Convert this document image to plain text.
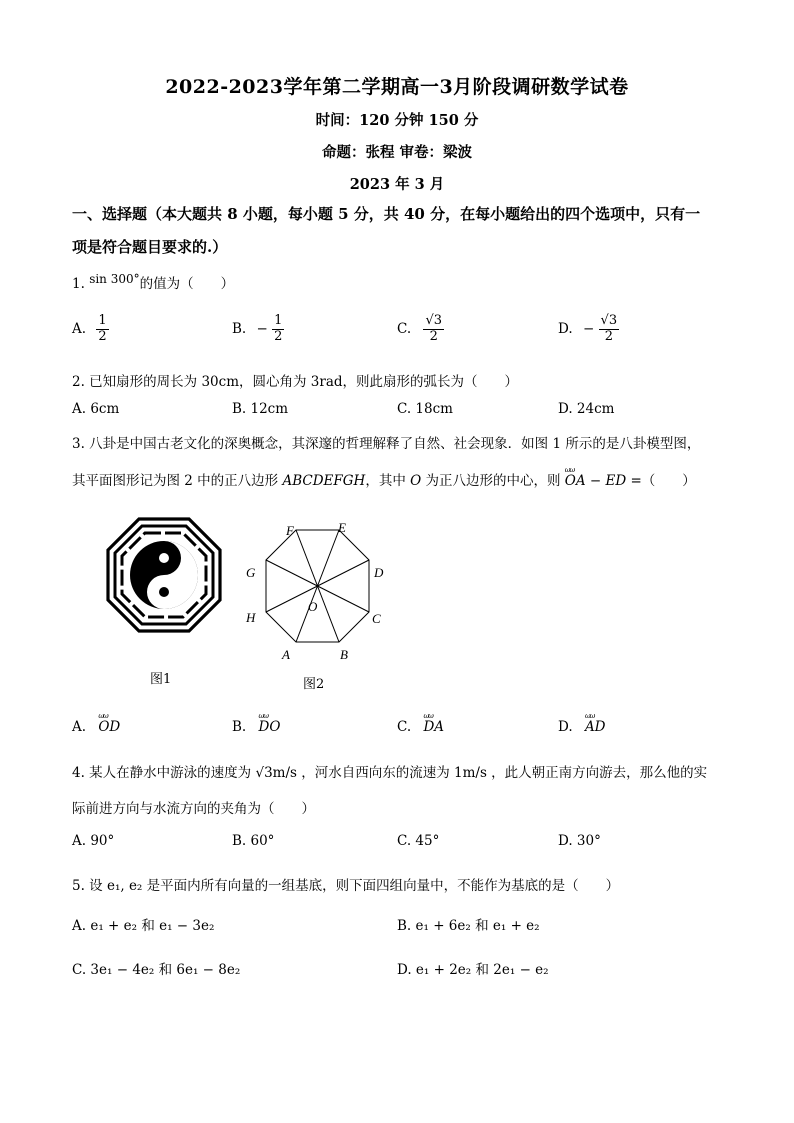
2022-2023学年第二学期高一3月阶段调研数学试卷
时间：120 分钟 150 分
命题：张程 审卷：梁波
2023 年 3 月
一、选择题（本大题共 8 小题，每小题 5 分，共 40 分，在每小题给出的四个选项中，只有一
项是符合题目要求的.）
1. sin 300°的值为（　　）
A. $\frac{1}{2}$	B. − $\frac{1}{2}$	C. $\frac{√3}{2}$	D. − $\frac{√3}{2}$
2. 已知扇形的周长为 30cm，圆心角为 3rad，则此扇形的弧长为（　　）
A. 6cm	B. 12cm	C. 18cm	D. 24cm
3. 八卦是中国古老文化的深奥概念，其深邃的哲理解释了自然、社会现象．如图 1 所示的是八卦模型图，
其平面图形记为图 2 中的正八边形 ABCDEFGH，其中 O 为正八边形的中心，则 ωω OA − ED =（　　）
图1
F	E
G	D
H	C
A	B
O
图2
A. ωω OD	B. ωω DO	C. ωω DA	D. ωω AD
4. 某人在静水中游泳的速度为 √3m/s ，河水自西向东的流速为 1m/s ，此人朝正南方向游去，那么他的实
际前进方向与水流方向的夹角为（　　）
A. 90°	B. 60°	C. 45°	D. 30°
5. 设 e₁, e₂ 是平面内所有向量的一组基底，则下面四组向量中，不能作为基底的是（　　）
A. e₁ + e₂ 和 e₁ − 3e₂	B. e₁ + 6e₂ 和 e₁ + e₂
C. 3e₁ − 4e₂ 和 6e₁ − 8e₂	D. e₁ + 2e₂ 和 2e₁ − e₂
